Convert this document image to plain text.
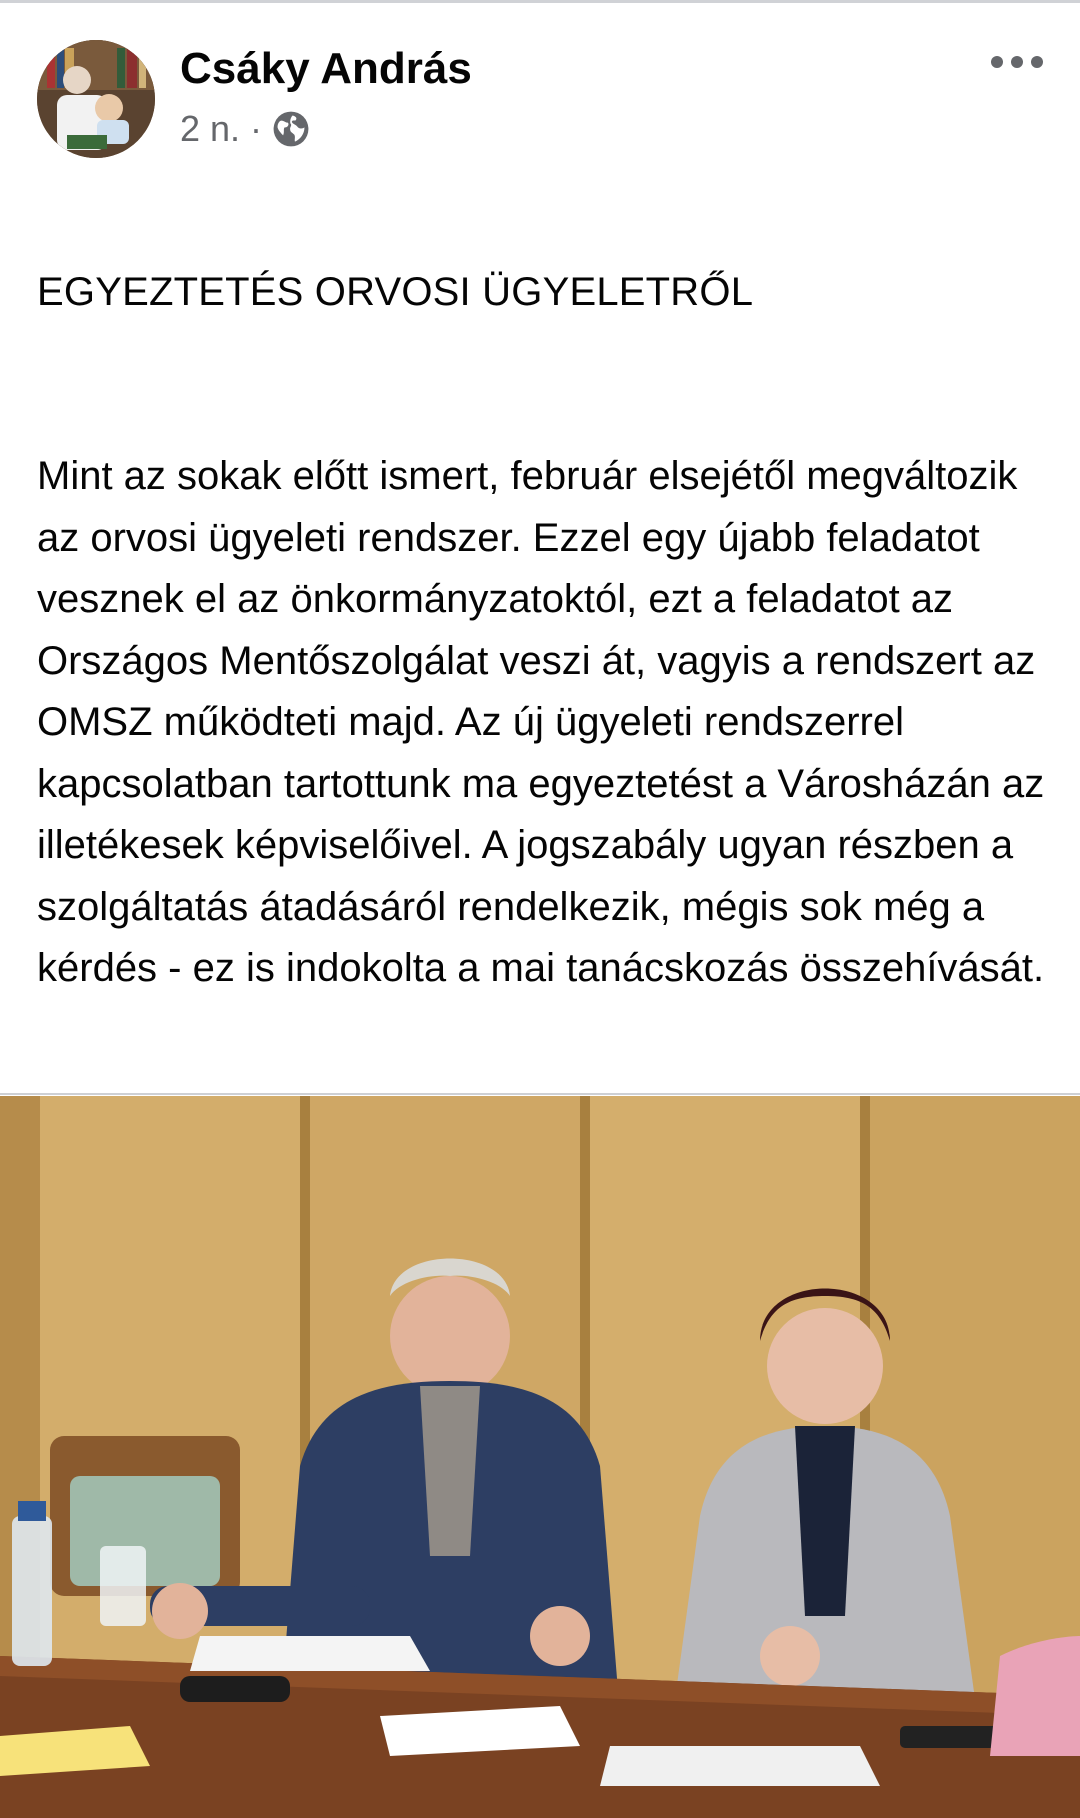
Csáky András
2 n. ·

EGYEZTETÉS ORVOSI ÜGYELETRŐL

Mint az sokak előtt ismert, február elsejétől megváltozik az orvosi ügyeleti rendszer. Ezzel egy újabb feladatot vesznek el az önkormányzatoktól, ezt a feladatot az Országos Mentőszolgálat veszi át, vagyis a rendszert az OMSZ működteti majd. Az új ügyeleti rendszerrel kapcsolatban tartottunk ma egyeztetést a Városházán az illetékesek képviselőivel. A jogszabály ugyan részben a szolgáltatás átadásáról rendelkezik, mégis sok még a kérdés - ez is indokolta a mai tanácskozás összehívását.
